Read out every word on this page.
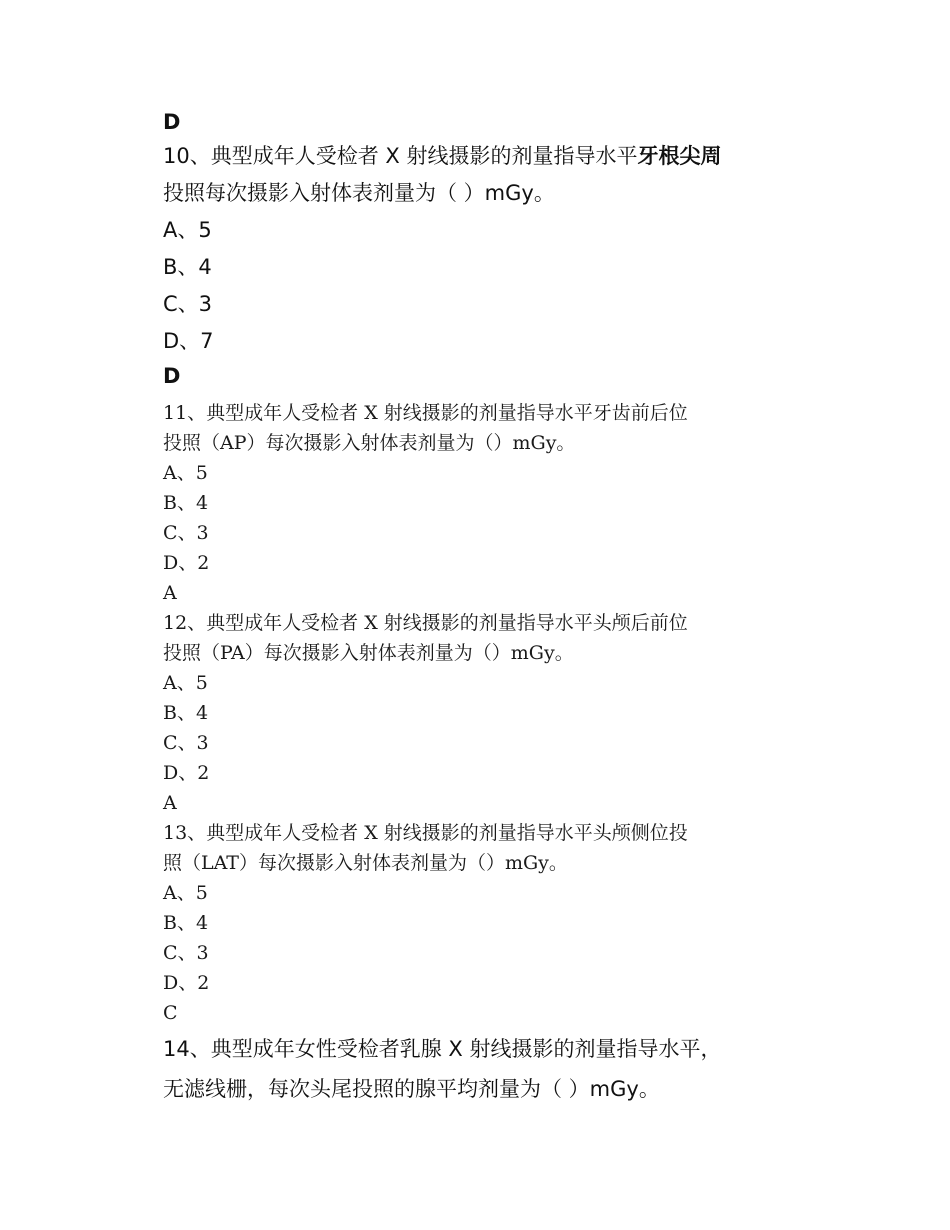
D
10、典型成年人受检者 X 射线摄影的剂量指导水平牙根尖周
投照每次摄影入射体表剂量为（ ）mGy。
A、5
B、4
C、3
D、7
D
11、典型成年人受检者 X 射线摄影的剂量指导水平牙齿前后位
投照（AP）每次摄影入射体表剂量为（）mGy。
A、5
B、4
C、3
D、2
A
12、典型成年人受检者 X 射线摄影的剂量指导水平头颅后前位
投照（PA）每次摄影入射体表剂量为（）mGy。
A、5
B、4
C、3
D、2
A
13、典型成年人受检者 X 射线摄影的剂量指导水平头颅侧位投
照（LAT）每次摄影入射体表剂量为（）mGy。
A、5
B、4
C、3
D、2
C
14、典型成年女性受检者乳腺 X 射线摄影的剂量指导水平，
无滤线栅，每次头尾投照的腺平均剂量为（ ）mGy。
